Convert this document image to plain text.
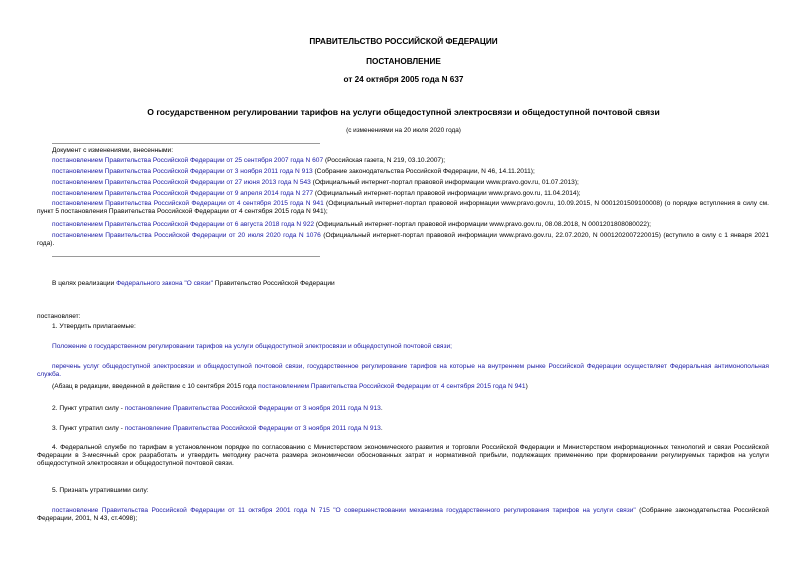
ПРАВИТЕЛЬСТВО РОССИЙСКОЙ ФЕДЕРАЦИИ
ПОСТАНОВЛЕНИЕ
от 24 октября 2005 года N 637
О государственном регулировании тарифов на услуги общедоступной электросвязи и общедоступной почтовой связи
(с изменениями на 20 июля 2020 года)
Документ с изменениями, внесенными:
постановлением Правительства Российской Федерации от 25 сентября 2007 года N 607 (Российская газета, N 219, 03.10.2007);
постановлением Правительства Российской Федерации от 3 ноября 2011 года N 913 (Собрание законодательства Российской Федерации, N 46, 14.11.2011);
постановлением Правительства Российской Федерации от 27 июня 2013 года N 543 (Официальный интернет-портал правовой информации www.pravo.gov.ru, 01.07.2013);
постановлением Правительства Российской Федерации от 9 апреля 2014 года N 277 (Официальный интернет-портал правовой информации www.pravo.gov.ru, 11.04.2014);
постановлением Правительства Российской Федерации от 4 сентября 2015 года N 941 (Официальный интернет-портал правовой информации www.pravo.gov.ru, 10.09.2015, N 0001201509100008) (о порядке вступления в силу см. пункт 5 постановления Правительства Российской Федерации от 4 сентября 2015 года N 941);
постановлением Правительства Российской Федерации от 6 августа 2018 года N 922 (Официальный интернет-портал правовой информации www.pravo.gov.ru, 08.08.2018, N 0001201808080022);
постановлением Правительства Российской Федерации от 20 июля 2020 года N 1076 (Официальный интернет-портал правовой информации www.pravo.gov.ru, 22.07.2020, N 0001202007220015) (вступило в силу с 1 января 2021 года).
В целях реализации Федерального закона "О связи" Правительство Российской Федерации
постановляет:
1. Утвердить прилагаемые:
Положение о государственном регулировании тарифов на услуги общедоступной электросвязи и общедоступной почтовой связи;
перечень услуг общедоступной электросвязи и общедоступной почтовой связи, государственное регулирование тарифов на которые на внутреннем рынке Российской Федерации осуществляет Федеральная антимонопольная служба.
(Абзац в редакции, введенной в действие с 10 сентября 2015 года постановлением Правительства Российской Федерации от 4 сентября 2015 года N 941)
2. Пункт утратил силу - постановление Правительства Российской Федерации от 3 ноября 2011 года N 913.
3. Пункт утратил силу - постановление Правительства Российской Федерации от 3 ноября 2011 года N 913.
4. Федеральной службе по тарифам в установленном порядке по согласованию с Министерством экономического развития и торговли Российской Федерации и Министерством информационных технологий и связи Российской Федерации в 3-месячный срок разработать и утвердить методику расчета размера экономически обоснованных затрат и нормативной прибыли, подлежащих применению при формировании регулируемых тарифов на услуги общедоступной электросвязи и общедоступной почтовой связи.
5. Признать утратившими силу:
постановление Правительства Российской Федерации от 11 октября 2001 года N 715 "О совершенствовании механизма государственного регулирования тарифов на услуги связи" (Собрание законодательства Российской Федерации, 2001, N 43, ст.4098);
